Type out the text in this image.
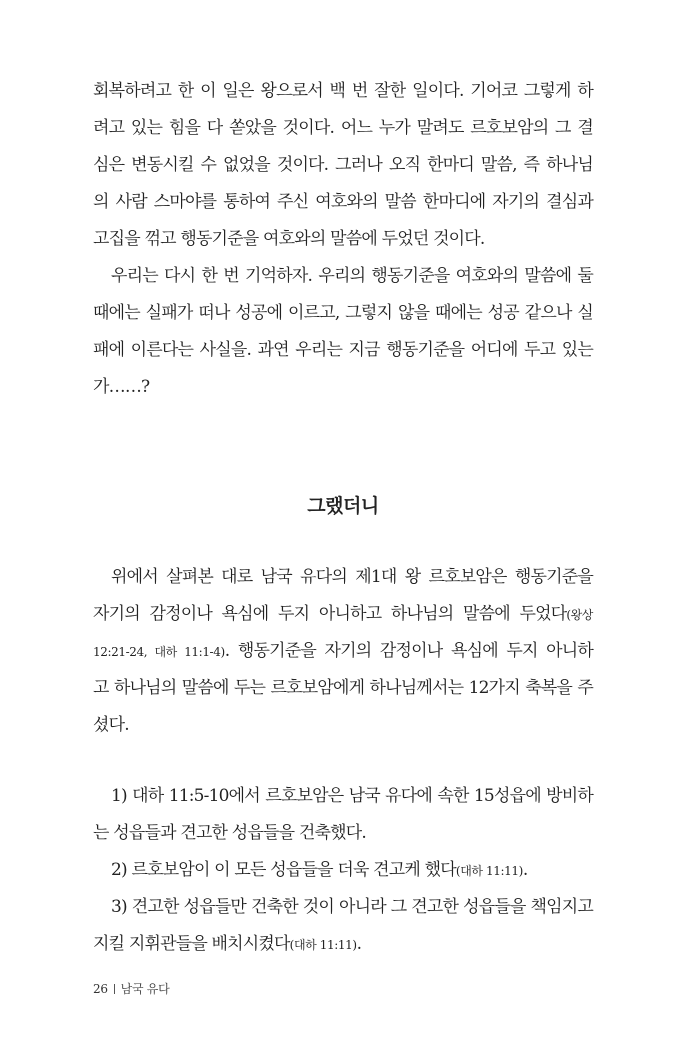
회복하려고 한 이 일은 왕으로서 백 번 잘한 일이다. 기어코 그렇게 하
려고 있는 힘을 다 쏟았을 것이다. 어느 누가 말려도 르호보암의 그 결
심은 변동시킬 수 없었을 것이다. 그러나 오직 한마디 말씀, 즉 하나님
의 사람 스마야를 통하여 주신 여호와의 말씀 한마디에 자기의 결심과
고집을 꺾고 행동기준을 여호와의 말씀에 두었던 것이다.
우리는 다시 한 번 기억하자. 우리의 행동기준을 여호와의 말씀에 둘
때에는 실패가 떠나 성공에 이르고, 그렇지 않을 때에는 성공 같으나 실
패에 이른다는 사실을. 과연 우리는 지금 행동기준을 어디에 두고 있는
가……?
그랬더니
위에서 살펴본 대로 남국 유다의 제1대 왕 르호보암은 행동기준을
자기의 감정이나 욕심에 두지 아니하고 하나님의 말씀에 두었다(왕상
12:21-24, 대하 11:1-4). 행동기준을 자기의 감정이나 욕심에 두지 아니하
고 하나님의 말씀에 두는 르호보암에게 하나님께서는 12가지 축복을 주
셨다.
1) 대하 11:5-10에서 르호보암은 남국 유다에 속한 15성읍에 방비하
는 성읍들과 견고한 성읍들을 건축했다.
2) 르호보암이 이 모든 성읍들을 더욱 견고케 했다(대하 11:11).
3) 견고한 성읍들만 건축한 것이 아니라 그 견고한 성읍들을 책임지고
지킬 지휘관들을 배치시켰다(대하 11:11).
26 남국 유다
